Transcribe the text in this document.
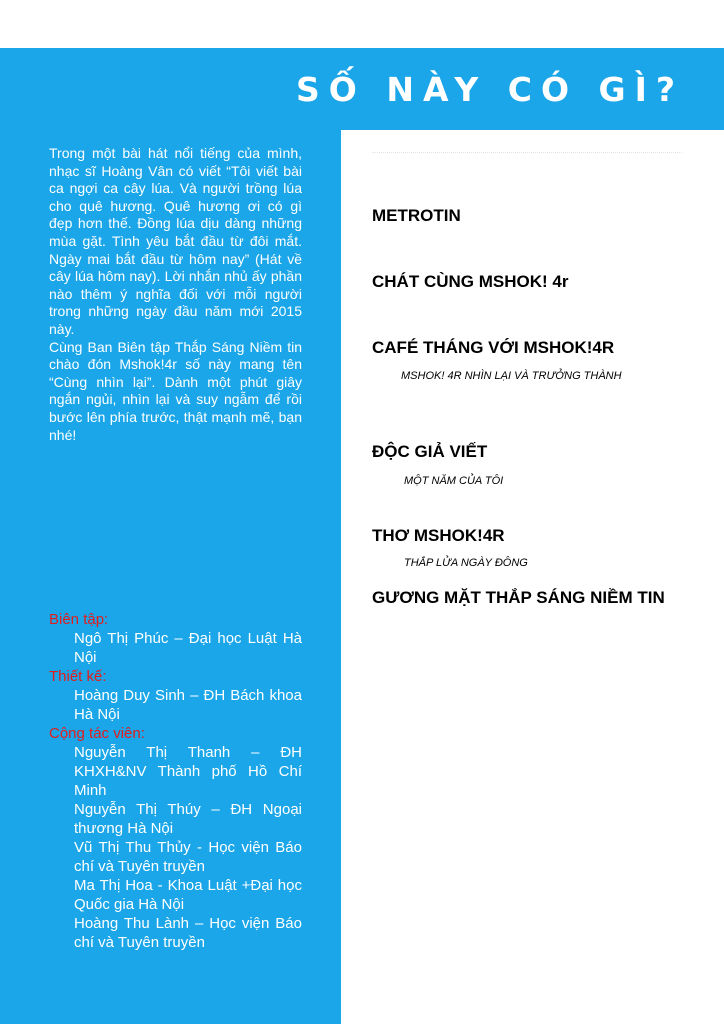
SỐ NÀY CÓ GÌ?

Trong một bài hát nổi tiếng của mình, nhạc sĩ Hoàng Vân có viết “Tôi viết bài ca ngợi ca cây lúa. Và người trồng lúa cho quê hương. Quê hương ơi có gì đẹp hơn thế. Đồng lúa dịu dàng những mùa gặt. Tình yêu bắt đầu từ đôi mắt. Ngày mai bắt đầu từ hôm nay” (Hát về cây lúa hôm nay). Lời nhắn nhủ ấy phần nào thêm ý nghĩa đối với mỗi người trong những ngày đầu năm mới 2015 này.

Cùng Ban Biên tập Thắp Sáng Niềm tin chào đón Mshok!4r số này mang tên “Cùng nhìn lại”. Dành một phút giây ngắn ngủi, nhìn lại và suy ngẫm để rồi bước lên phía trước, thật mạnh mẽ, bạn nhé!

Biên tập:

Ngô Thị Phúc – Đại học Luật Hà Nội

Thiết kế:

Hoàng Duy Sinh – ĐH Bách khoa Hà Nội

Cộng tác viên:

Nguyễn Thị Thanh – ĐH KHXH&NV Thành phố Hồ Chí Minh

Nguyễn Thị Thúy – ĐH Ngoại thương Hà Nội

Vũ Thị Thu Thủy - Học viện Báo chí và Tuyên truyền

Ma Thị Hoa - Khoa Luật +Đại học Quốc gia Hà Nội

Hoàng Thu Lành – Học viện Báo chí và Tuyên truyền

METROTIN
CHÁT CÙNG MSHOK! 4r
CAFÉ THÁNG VỚI MSHOK!4R
MSHOK! 4R NHÌN LẠI VÀ TRƯỞNG THÀNH
ĐỘC GIẢ VIẾT
MỘT NĂM CỦA TÔI
THƠ MSHOK!4R
THẮP LỬA NGÀY ĐÔNG
GƯƠNG MẶT THẮP SÁNG NIỀM TIN
